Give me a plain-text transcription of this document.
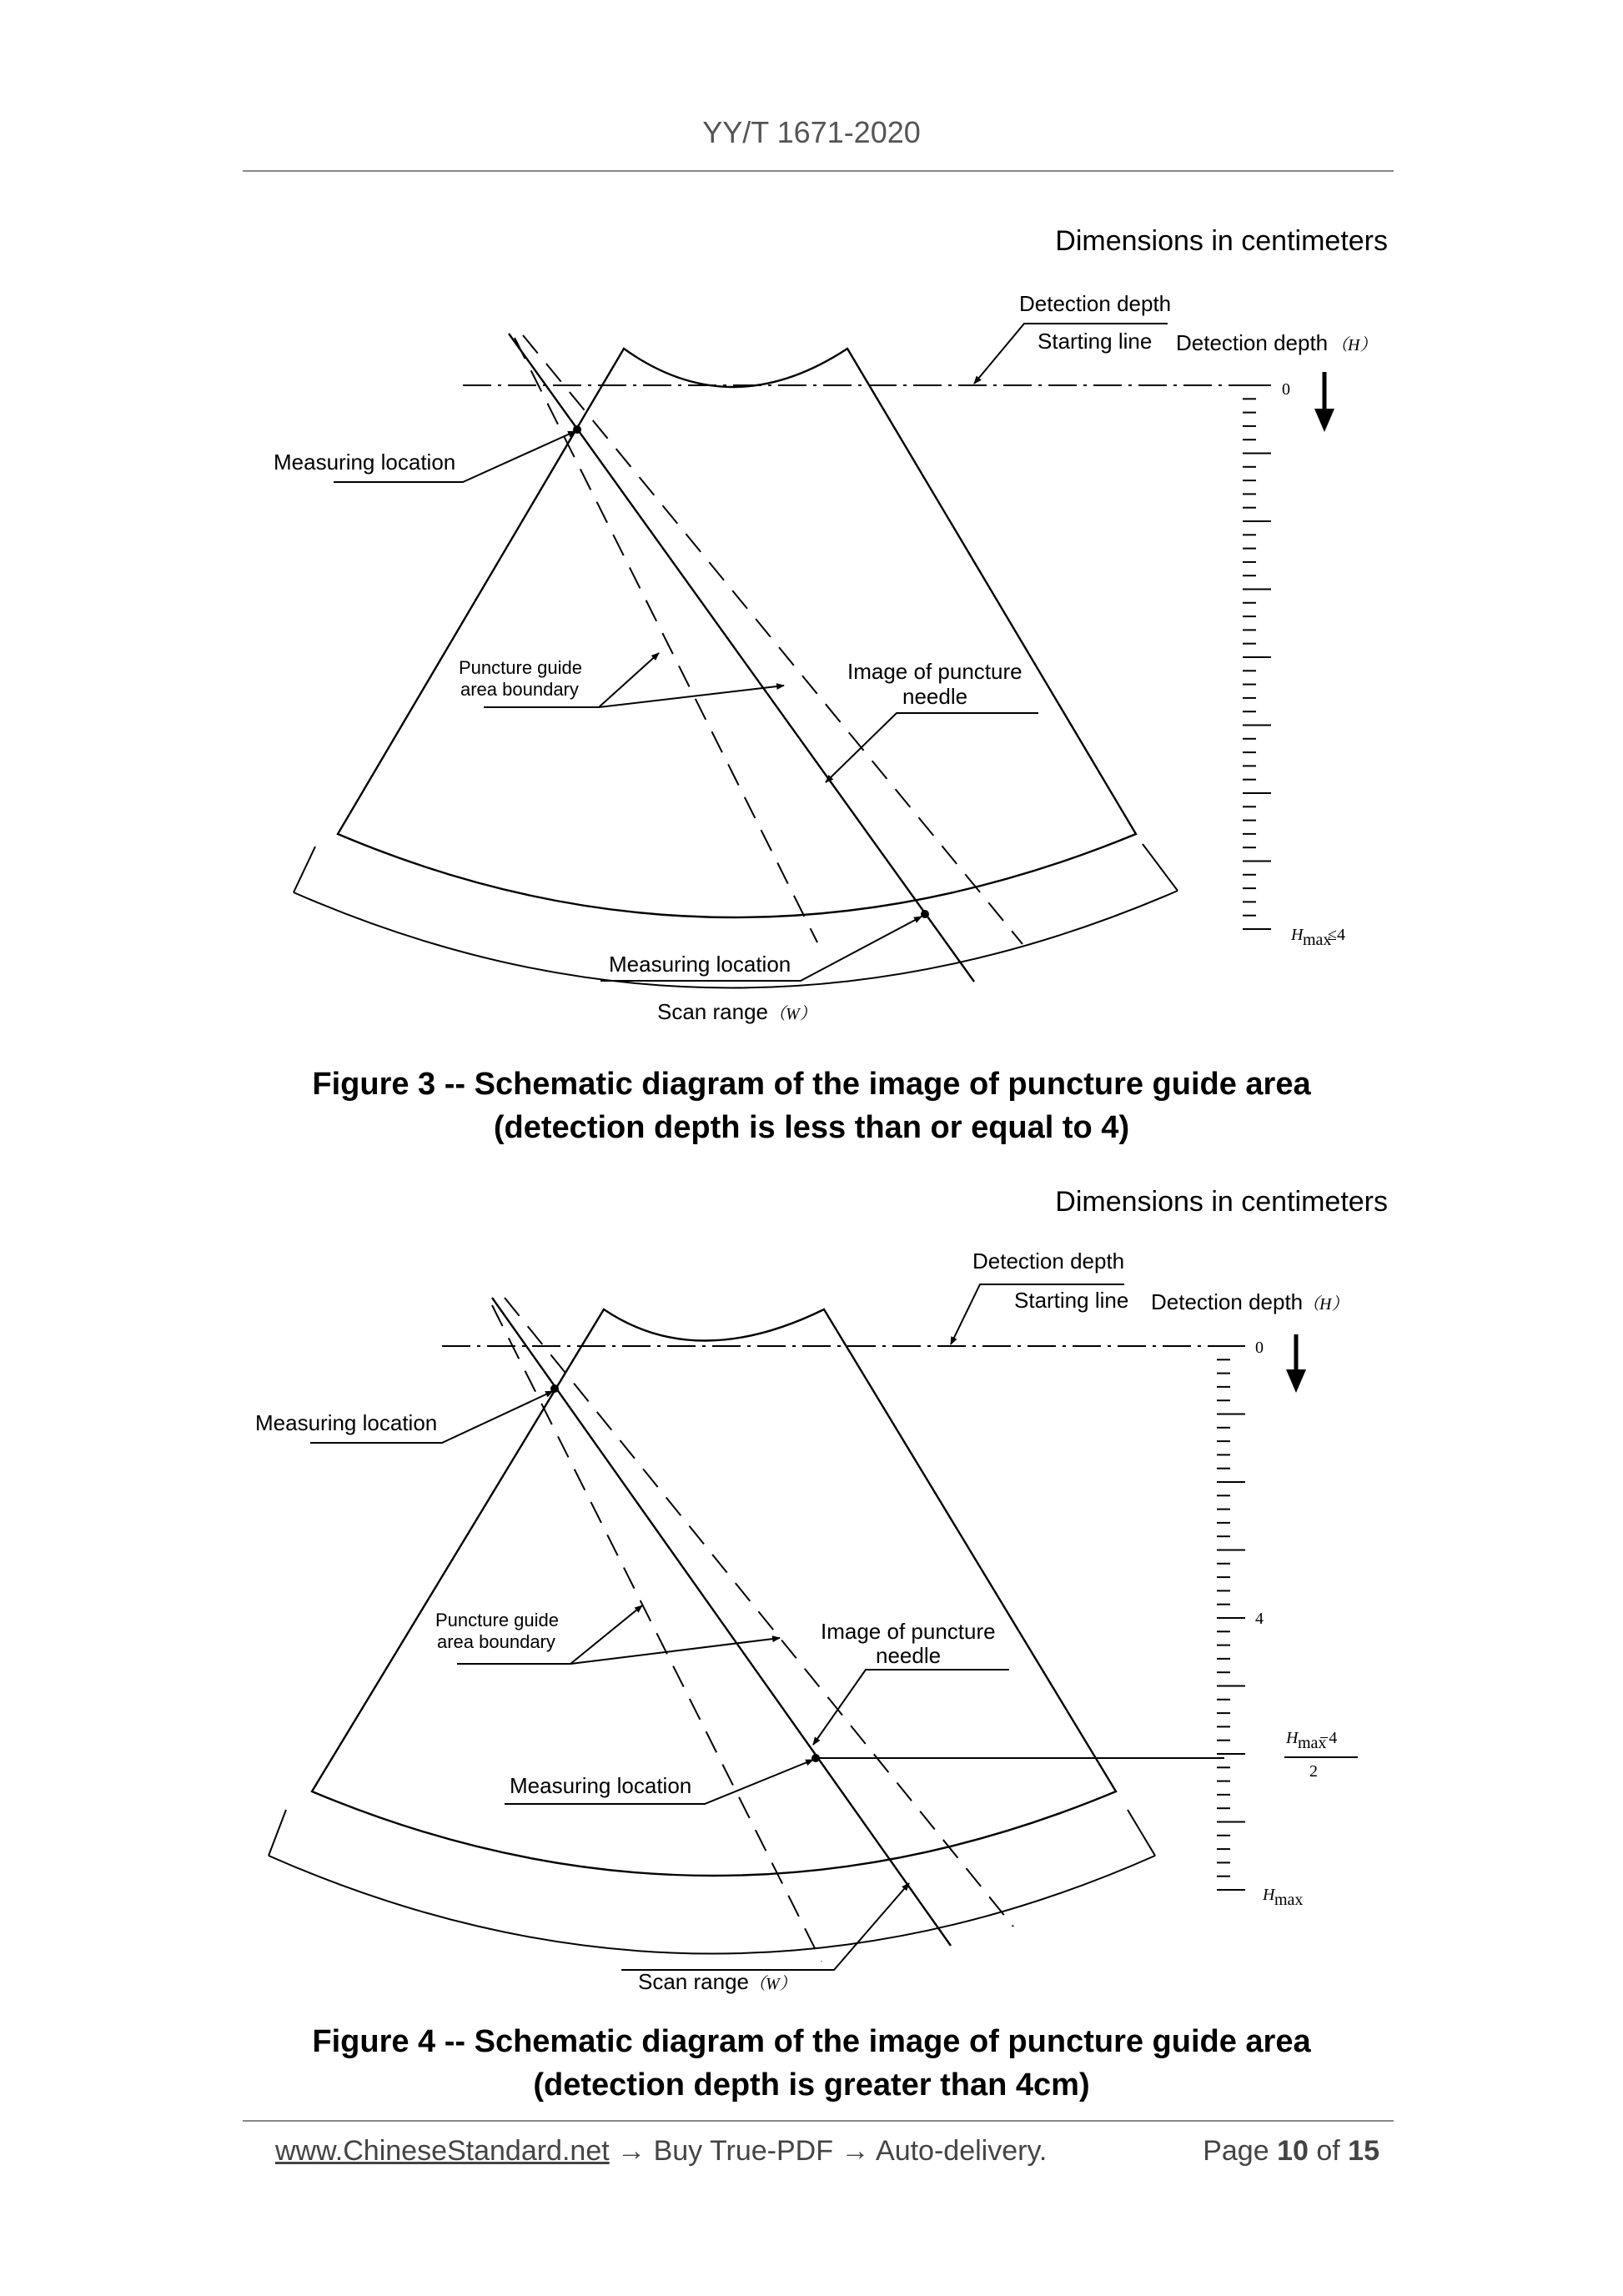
YY/T 1671-2020
Dimensions in centimeters
Detection depth
Starting line Detection depth （H）
Measuring location
Puncture guide
area boundary
Image of puncture
needle
Measuring location
Scan range （W）
0
H max
≤4
Figure 3 -- Schematic diagram of the image of puncture guide area
(detection depth is less than or equal to 4)
Dimensions in centimeters
Detection depth
Starting line Detection depth （H）
Measuring location
Puncture guide
area boundary	Image of puncture
needle
Measuring location
Scan range （W）
0
4
H max
−4
2
H max
Figure 4 -- Schematic diagram of the image of puncture guide area
(detection depth is greater than 4cm)
www.ChineseStandard.net → Buy True-PDF → Auto-delivery.	Page 10 of 15
